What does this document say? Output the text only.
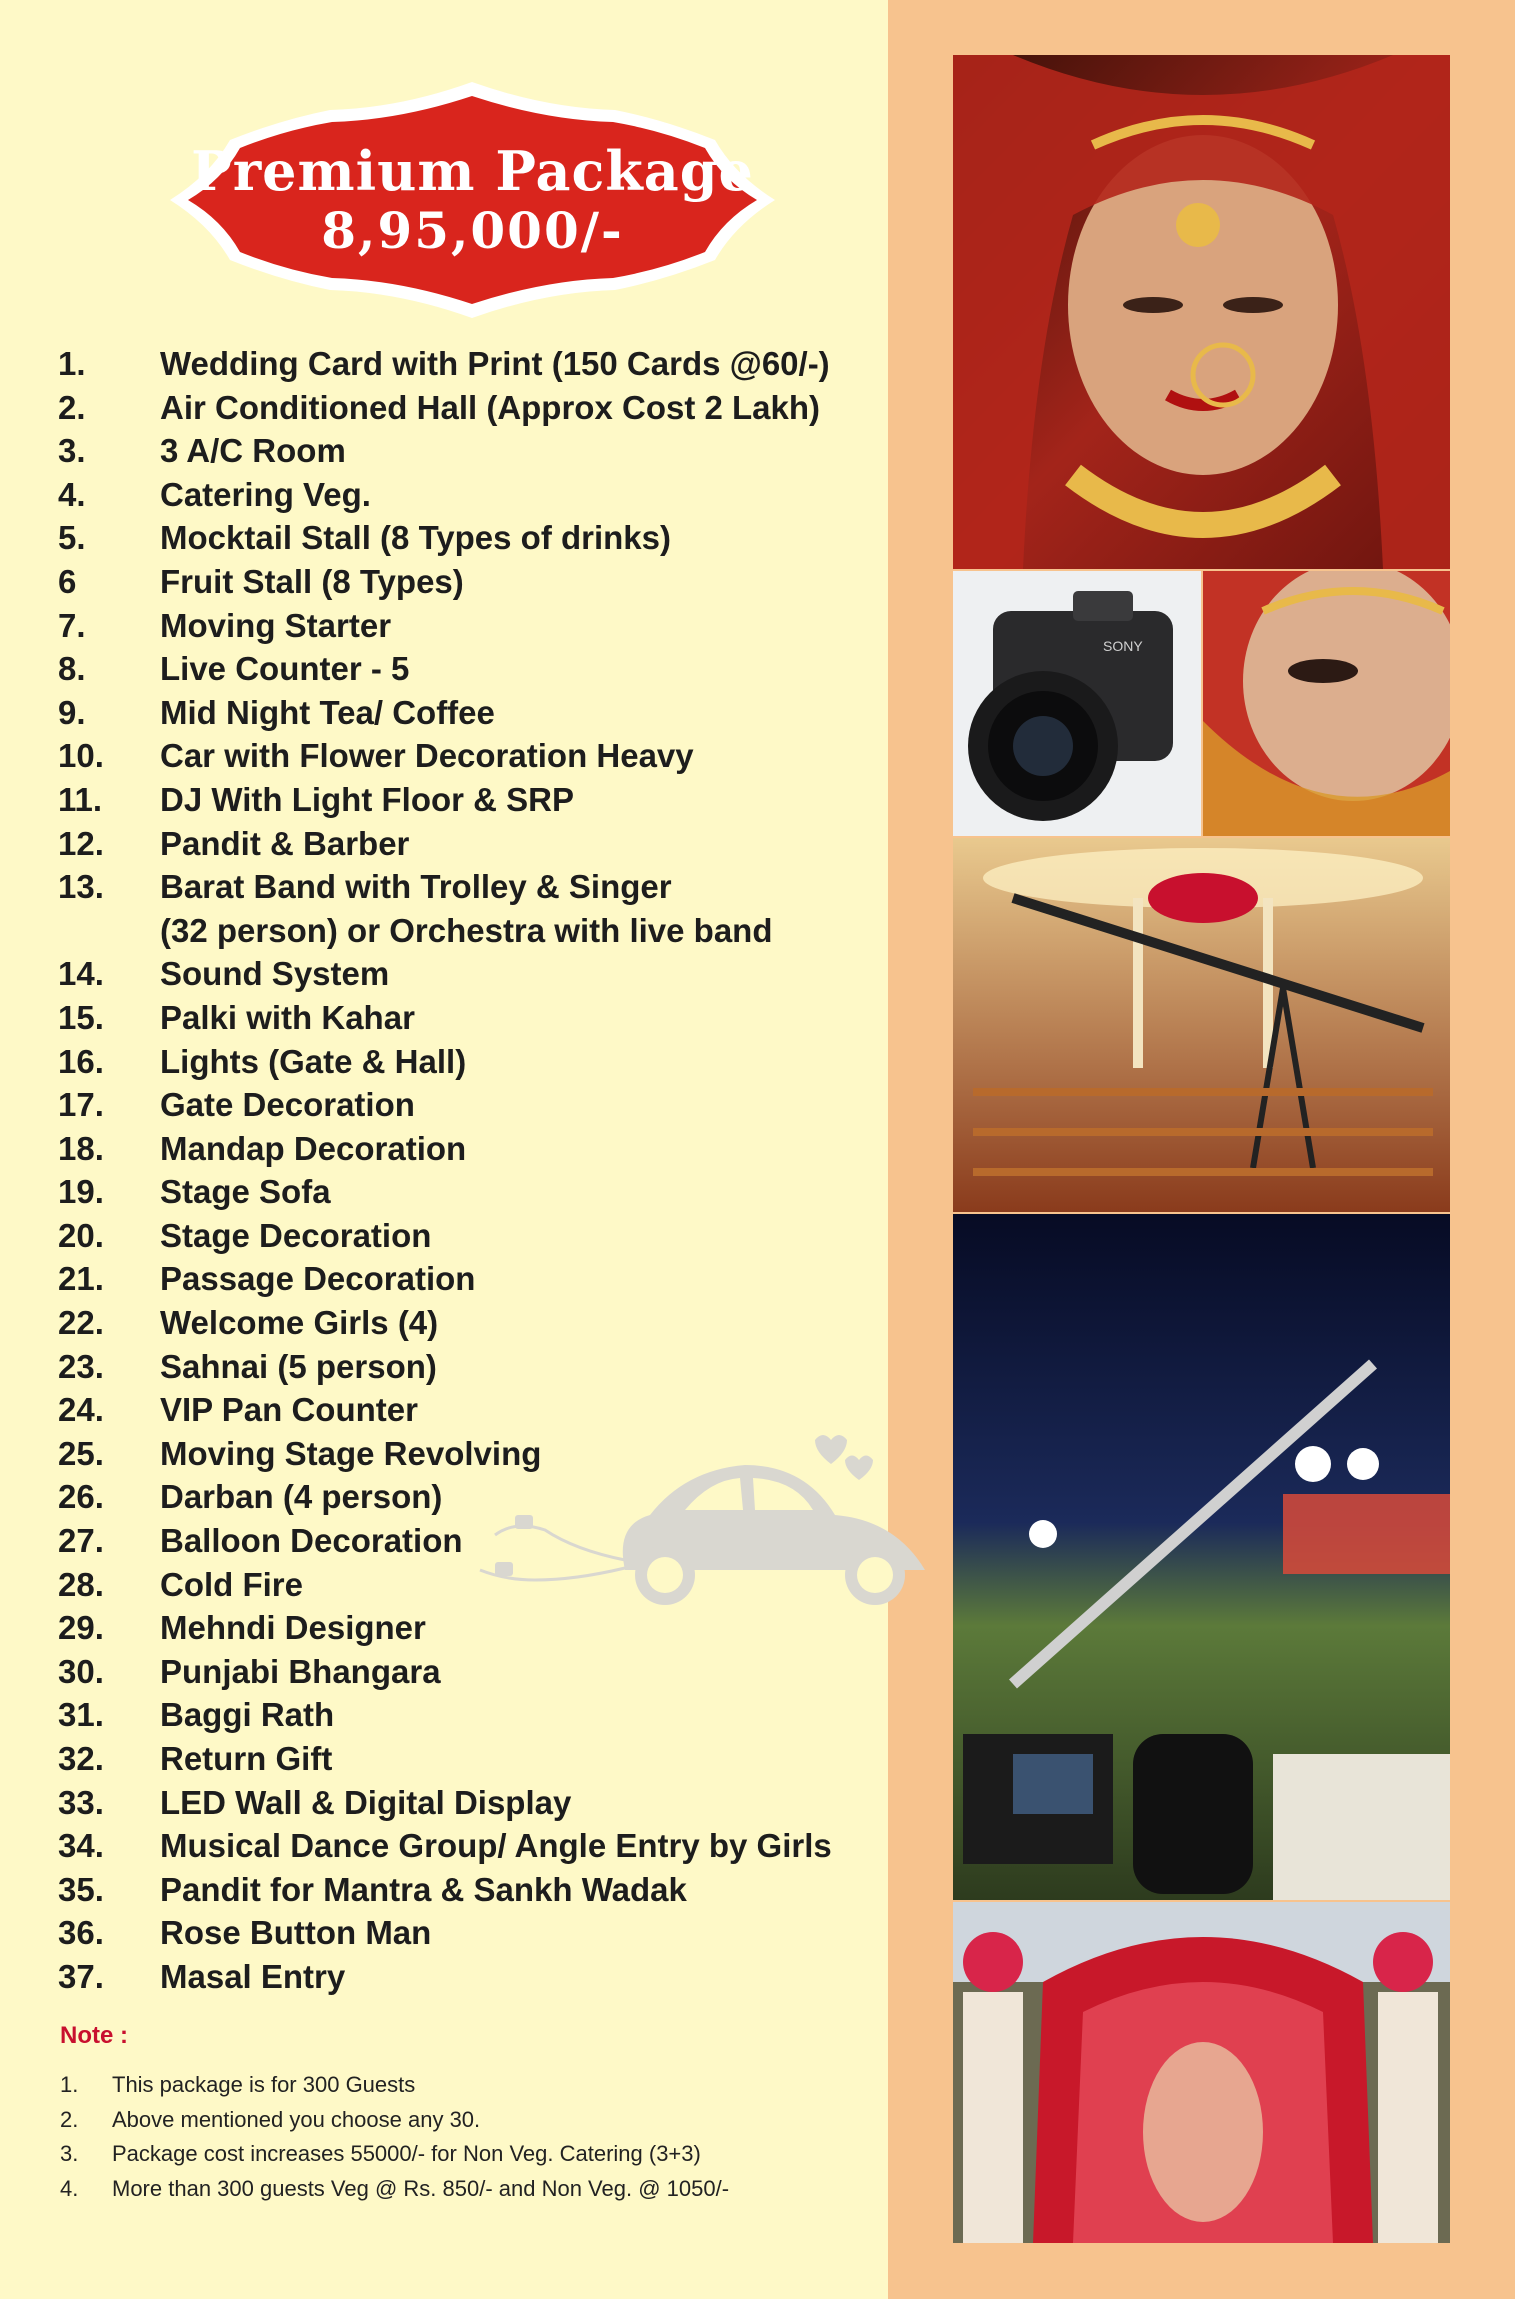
Premium Package
8,95,000/-
1.	Wedding Card with Print (150 Cards @60/-)
2.	Air Conditioned Hall (Approx Cost 2 Lakh)
3.	3 A/C Room
4.	Catering Veg.
5.	Mocktail Stall (8 Types of drinks)
6	Fruit Stall (8 Types)
7.	Moving Starter
8.	Live Counter - 5
9.	Mid Night Tea/ Coffee
10.	Car with Flower Decoration Heavy
11.	DJ With Light Floor & SRP
12.	Pandit & Barber
13.	Barat Band with Trolley & Singer
(32 person) or Orchestra with live band
14.	Sound System
15.	Palki with Kahar
16.	Lights (Gate & Hall)
17.	Gate Decoration
18.	Mandap Decoration
19.	Stage Sofa
20.	Stage Decoration
21.	Passage Decoration
22.	Welcome Girls (4)
23.	Sahnai (5 person)
24.	VIP Pan Counter
25.	Moving Stage Revolving
26.	Darban (4 person)
27.	Balloon Decoration
28.	Cold Fire
29.	Mehndi Designer
30.	Punjabi Bhangara
31.	Baggi Rath
32.	Return Gift
33.	LED Wall & Digital Display
34.	Musical Dance Group/ Angle Entry by Girls
35.	Pandit for Mantra & Sankh Wadak
36.	Rose Button Man
37.	Masal Entry
Note :
1.	This package is for 300 Guests
2.	Above mentioned you choose any 30.
3.	Package cost increases 55000/- for Non Veg. Catering (3+3)
4.	More than 300 guests Veg @ Rs. 850/- and Non Veg. @ 1050/-
SONY
